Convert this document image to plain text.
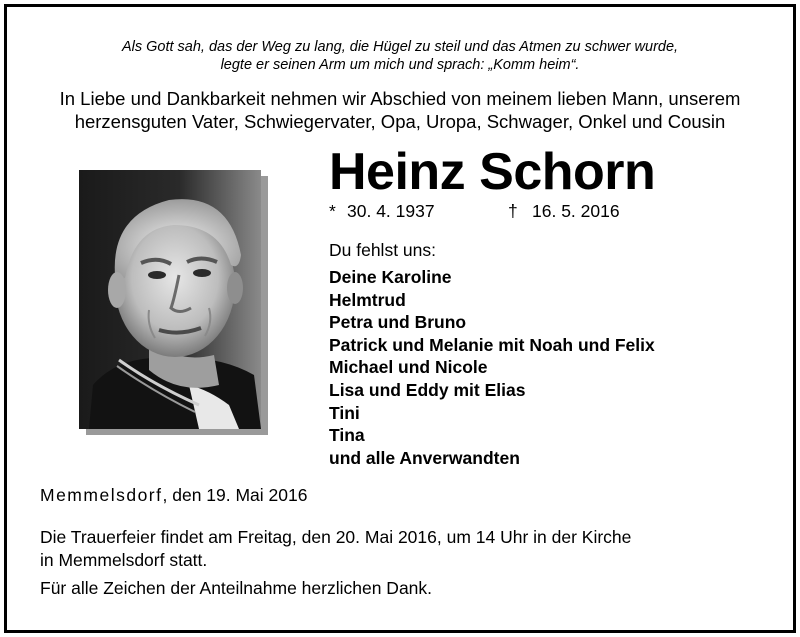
Als Gott sah, das der Weg zu lang, die Hügel zu steil und das Atmen zu schwer wurde,
legte er seinen Arm um mich und sprach: „Komm heim“.
In Liebe und Dankbarkeit nehmen wir Abschied von meinem lieben Mann, unserem
herzensguten Vater, Schwiegervater, Opa, Uropa, Schwager, Onkel und Cousin
Heinz Schorn
* 30. 4. 1937	† 16. 5. 2016
Du fehlst uns:
Deine Karoline
Helmtrud
Petra und Bruno
Patrick und Melanie mit Noah und Felix
Michael und Nicole
Lisa und Eddy mit Elias
Tini
Tina
und alle Anverwandten
Memmelsdorf, den 19. Mai 2016
Die Trauerfeier findet am Freitag, den 20. Mai 2016, um 14 Uhr in der Kirche
in Memmelsdorf statt.
Für alle Zeichen der Anteilnahme herzlichen Dank.
